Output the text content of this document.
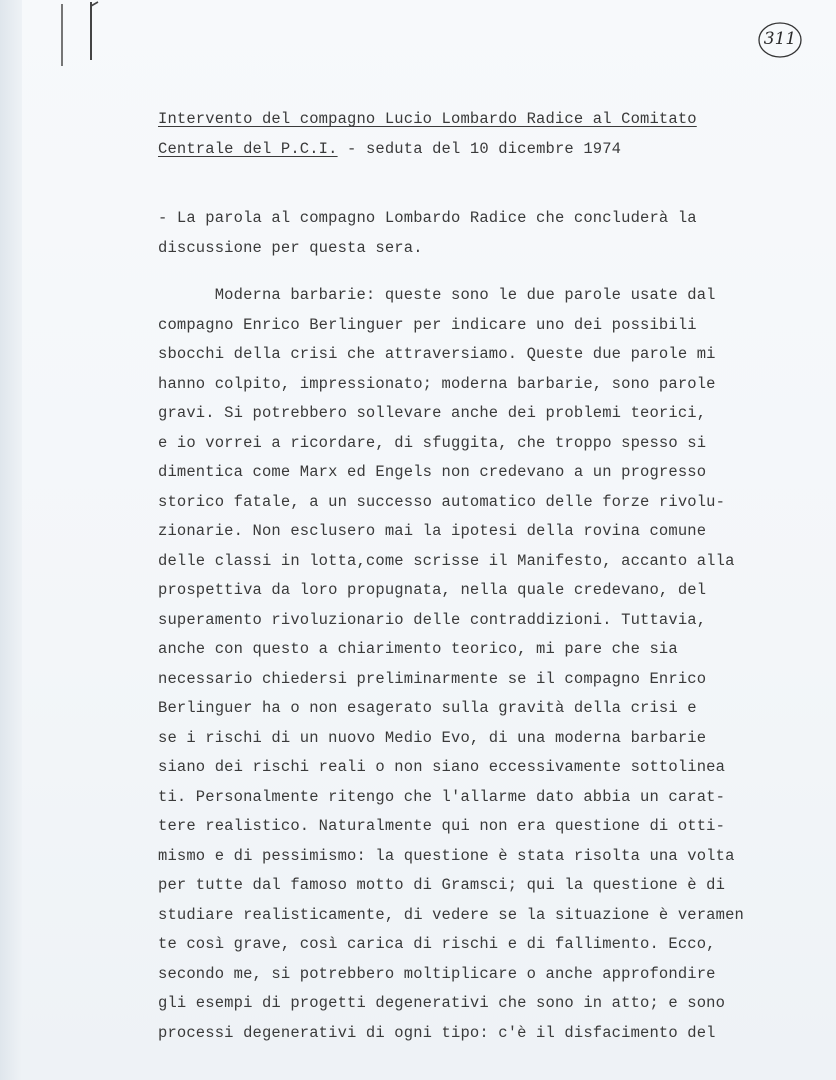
311
Intervento del compagno Lucio Lombardo Radice al Comitato
Centrale del P.C.I. - seduta del 10 dicembre 1974
- La parola al compagno Lombardo Radice che concluderà la
discussione per questa sera.
Moderna barbarie: queste sono le due parole usate dal
compagno Enrico Berlinguer per indicare uno dei possibili
sbocchi della crisi che attraversiamo. Queste due parole mi
hanno colpito, impressionato; moderna barbarie, sono parole
gravi. Si potrebbero sollevare anche dei problemi teorici,
e io vorrei a ricordare, di sfuggita, che troppo spesso si
dimentica come Marx ed Engels non credevano a un progresso
storico fatale, a un successo automatico delle forze rivolu-
zionarie. Non esclusero mai la ipotesi della rovina comune
delle classi in lotta,come scrisse il Manifesto, accanto alla
prospettiva da loro propugnata, nella quale credevano, del
superamento rivoluzionario delle contraddizioni. Tuttavia,
anche con questo a chiarimento teorico, mi pare che sia
necessario chiedersi preliminarmente se il compagno Enrico
Berlinguer ha o non esagerato sulla gravità della crisi e
se i rischi di un nuovo Medio Evo, di una moderna barbarie
siano dei rischi reali o non siano eccessivamente sottolinea
ti. Personalmente ritengo che l'allarme dato abbia un carat-
tere realistico. Naturalmente qui non era questione di otti-
mismo e di pessimismo: la questione è stata risolta una volta
per tutte dal famoso motto di Gramsci; qui la questione è di
studiare realisticamente, di vedere se la situazione è veramen
te così grave, così carica di rischi e di fallimento. Ecco,
secondo me, si potrebbero moltiplicare o anche approfondire
gli esempi di progetti degenerativi che sono in atto; e sono
processi degenerativi di ogni tipo: c'è il disfacimento del
